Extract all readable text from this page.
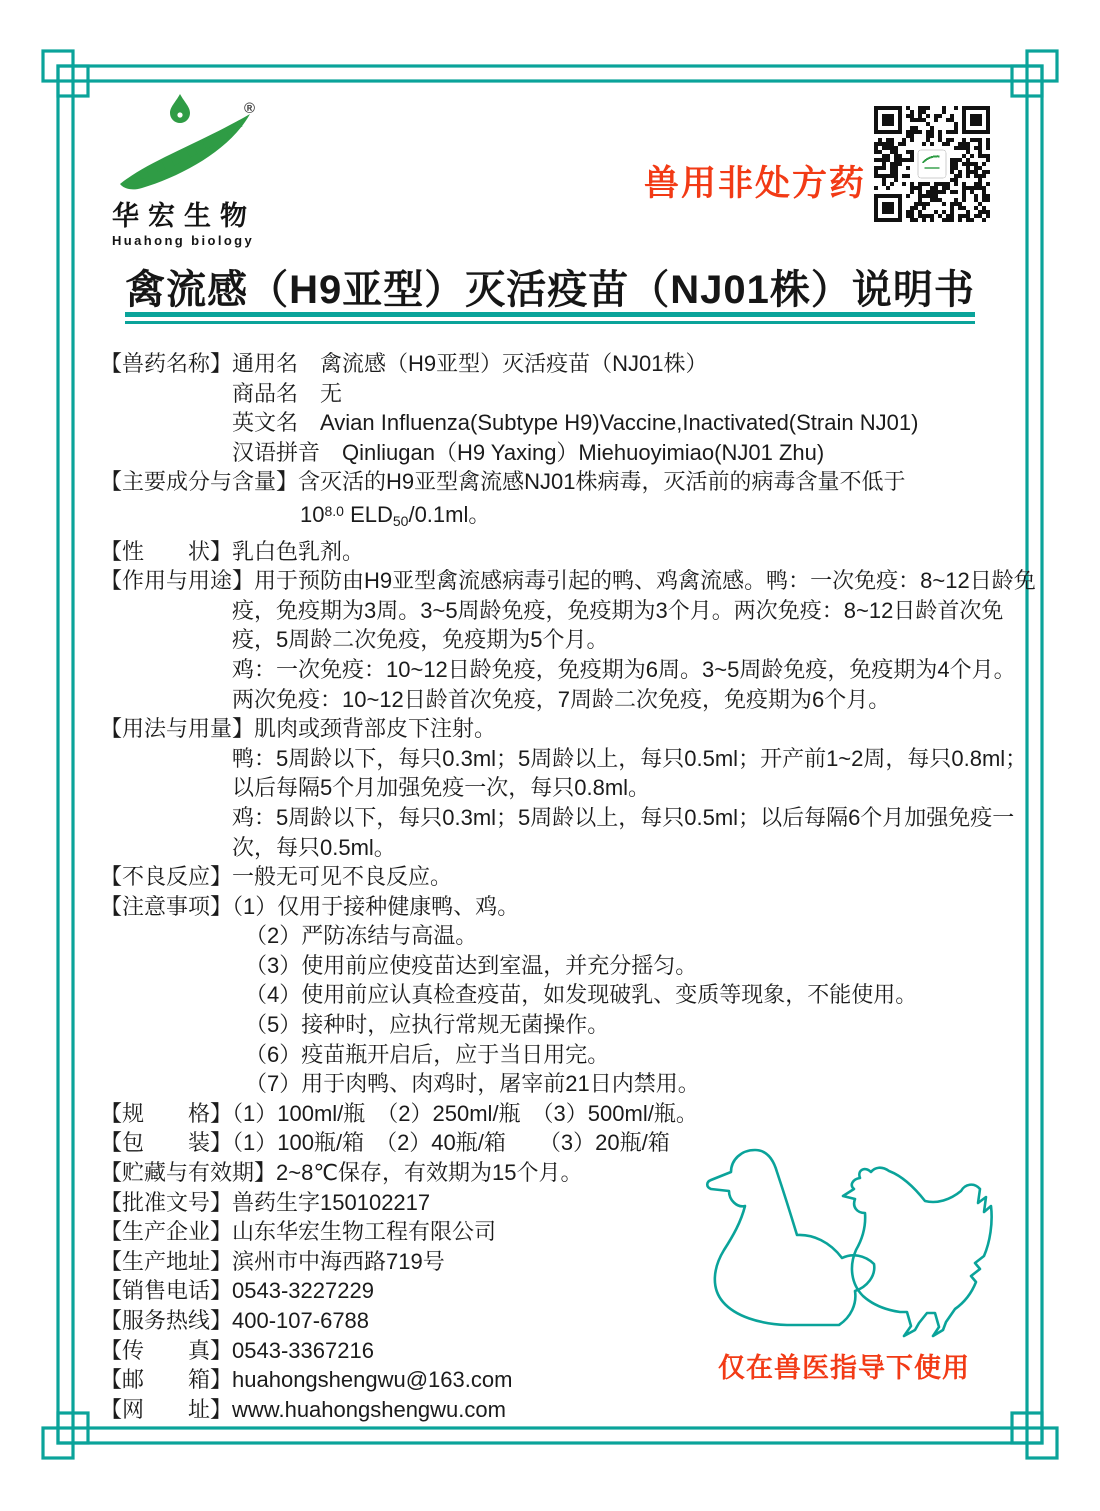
®
华宏生物
Huahong biology
兽用非处方药
禽流感（H9亚型）灭活疫苗（NJ01株）说明书
【兽药名称】通用名　禽流感（H9亚型）灭活疫苗（NJ01株）
商品名　无
英文名　Avian Influenza(Subtype H9)Vaccine,Inactivated(Strain NJ01)
汉语拼音　Qinliugan（H9 Yaxing）Miehuoyimiao(NJ01 Zhu)
【主要成分与含量】含灭活的H9亚型禽流感NJ01株病毒，灭活前的病毒含量不低于
$10^{8.0}$ $ELD_{50}/0.1ml$。
【性　　状】乳白色乳剂。
【作用与用途】用于预防由H9亚型禽流感病毒引起的鸭、鸡禽流感。鸭：一次免疫：8~12日龄免
疫，免疫期为3周。3~5周龄免疫，免疫期为3个月。两次免疫：8~12日龄首次免
疫，5周龄二次免疫，免疫期为5个月。
鸡：一次免疫：10~12日龄免疫，免疫期为6周。3~5周龄免疫，免疫期为4个月。
两次免疫：10~12日龄首次免疫，7周龄二次免疫，免疫期为6个月。
【用法与用量】肌肉或颈背部皮下注射。
鸭：5周龄以下，每只0.3ml；5周龄以上，每只0.5ml；开产前1~2周，每只0.8ml；
以后每隔5个月加强免疫一次，每只0.8ml。
鸡：5周龄以下，每只0.3ml；5周龄以上，每只0.5ml；以后每隔6个月加强免疫一
次，每只0.5ml。
【不良反应】一般无可见不良反应。
【注意事项】（1）仅用于接种健康鸭、鸡。
（2）严防冻结与高温。
（3）使用前应使疫苗达到室温，并充分摇匀。
（4）使用前应认真检查疫苗，如发现破乳、变质等现象，不能使用。
（5）接种时，应执行常规无菌操作。
（6）疫苗瓶开启后，应于当日用完。
（7）用于肉鸭、肉鸡时，屠宰前21日内禁用。
【规　　格】（1）100ml/瓶　（2）250ml/瓶　（3）500ml/瓶。
【包　　装】（1）100瓶/箱　（2）40瓶/箱　　（3）20瓶/箱
【贮藏与有效期】2~8℃保存，有效期为15个月。
【批准文号】兽药生字150102217
【生产企业】山东华宏生物工程有限公司
【生产地址】滨州市中海西路719号
【销售电话】0543-3227229
【服务热线】400-107-6788
【传　　真】0543-3367216
【邮　　箱】huahongshengwu@163.com
【网　　址】www.huahongshengwu.com
仅在兽医指导下使用
